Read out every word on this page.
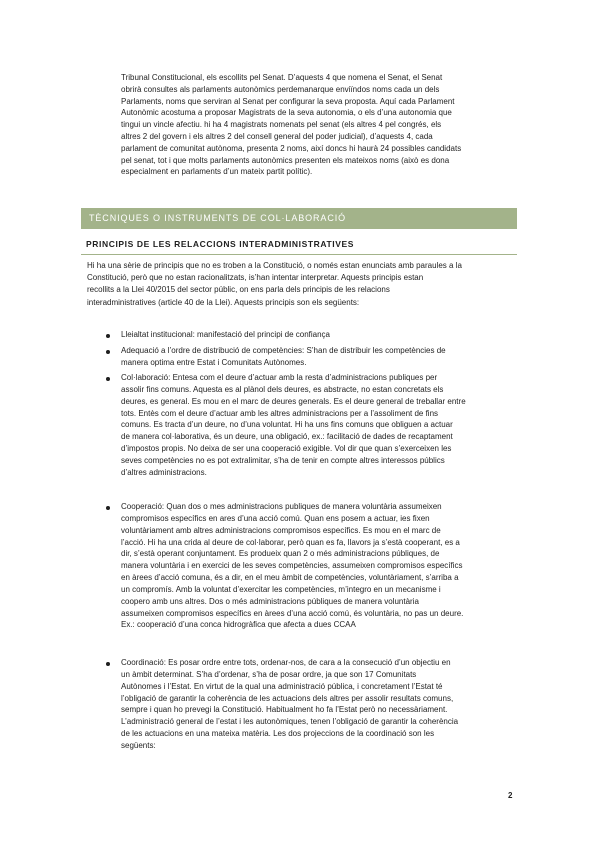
Tribunal Constitucional, els escollits pel Senat. D’aquests 4 que nomena el Senat, el Senat
obrirà consultes als parlaments autonòmics perdemanarque enviïndos noms cada un dels
Parlaments, noms que serviran al Senat per configurar la seva proposta. Aquí cada Parlament
Autonòmic acostuma a proposar Magistrats de la seva autonomia, o els d’una autonomia que
tingui un vincle afectiu. hi ha 4 magistrats nomenats pel senat (els altres 4 pel congrés, els
altres 2 del govern i els altres 2 del consell general del poder judicial), d’aquests 4, cada
parlament de comunitat autònoma, presenta 2 noms, així doncs hi haurà 24 possibles candidats
pel senat, tot i que molts parlaments autonòmics presenten els mateixos noms (això es dona
especialment en parlaments d’un mateix partit polític).
TÈCNIQUES O INSTRUMENTS DE COL·LABORACIÓ
PRINCIPIS DE LES RELACCIONS INTERADMINISTRATIVES
Hi ha una sèrie de principis que no es troben a la Constitució, o només estan enunciats amb paraules a la
Constitució, però que no estan racionalitzats, is’han intentar interpretar. Aquests principis estan
recollits a la Llei 40/2015 del sector públic, on ens parla dels principis de les relacions
interadministratives (article 40 de la Llei). Aquests principis son els següents:
Lleialtat institucional: manifestació del principi de confiança
Adequació a l’ordre de distribució de competències: S’han de distribuir les competències de
manera optima entre Estat i Comunitats Autònomes.
Col·laboració: Entesa com el deure d’actuar amb la resta d’administracions publiques per
assolir fins comuns. Aquesta es al plànol dels deures, es abstracte, no estan concretats els
deures, es general. Es mou en el marc de deures generals. Es el deure general de treballar entre
tots. Entès com el deure d’actuar amb les altres administracions per a l’assoliment de fins
comuns. Es tracta d’un deure, no d’una voluntat. Hi ha uns fins comuns que obliguen a actuar
de manera col·laborativa, és un deure, una obligació, ex.: facilitació de dades de recaptament
d’impostos propis. No deixa de ser una cooperació exigible. Vol dir que quan s’exerceixen les
seves competències no es pot extralimitar, s’ha de tenir en compte altres interessos públics
d’altres administracions.
Cooperació: Quan dos o mes administracions publiques de manera voluntària assumeixen
compromisos específics en ares d’una acció comú. Quan ens posem a actuar, ies fixen
voluntàriament amb altres administracions compromisos específics. Es mou en el marc de
l’acció. Hi ha una crida al deure de col·laborar, però quan es fa, llavors ja s’està cooperant, es a
dir, s’està operant conjuntament. Es produeix quan 2 o més administracions públiques, de
manera voluntària i en exercici de les seves competències, assumeixen compromisos específics
en àrees d’acció comuna, és a dir, en el meu àmbit de competències, voluntàriament, s’arriba a
un compromís. Amb la voluntat d’exercitar les competències, m’integro en un mecanisme i
coopero amb uns altres. Dos o més administracions públiques de manera voluntària
assumeixen compromisos específics en àrees d’una acció comú, és voluntària, no pas un deure.
Ex.: cooperació d’una conca hidrogràfica que afecta a dues CCAA
Coordinació: Es posar ordre entre tots, ordenar-nos, de cara a la consecució d’un objectiu en
un àmbit determinat. S’ha d’ordenar, s’ha de posar ordre, ja que son 17 Comunitats
Autònomes i l’Estat. En virtut de la qual una administració pública, i concretament l’Estat té
l’obligació de garantir la coherència de les actuacions dels altres per assolir resultats comuns,
sempre i quan ho prevegi la Constitució. Habitualment ho fa l’Estat però no necessàriament.
L’administració general de l’estat i les autonòmiques, tenen l’obligació de garantir la coherència
de les actuacions en una mateixa matèria. Les dos projeccions de la coordinació son les
següents:
2
